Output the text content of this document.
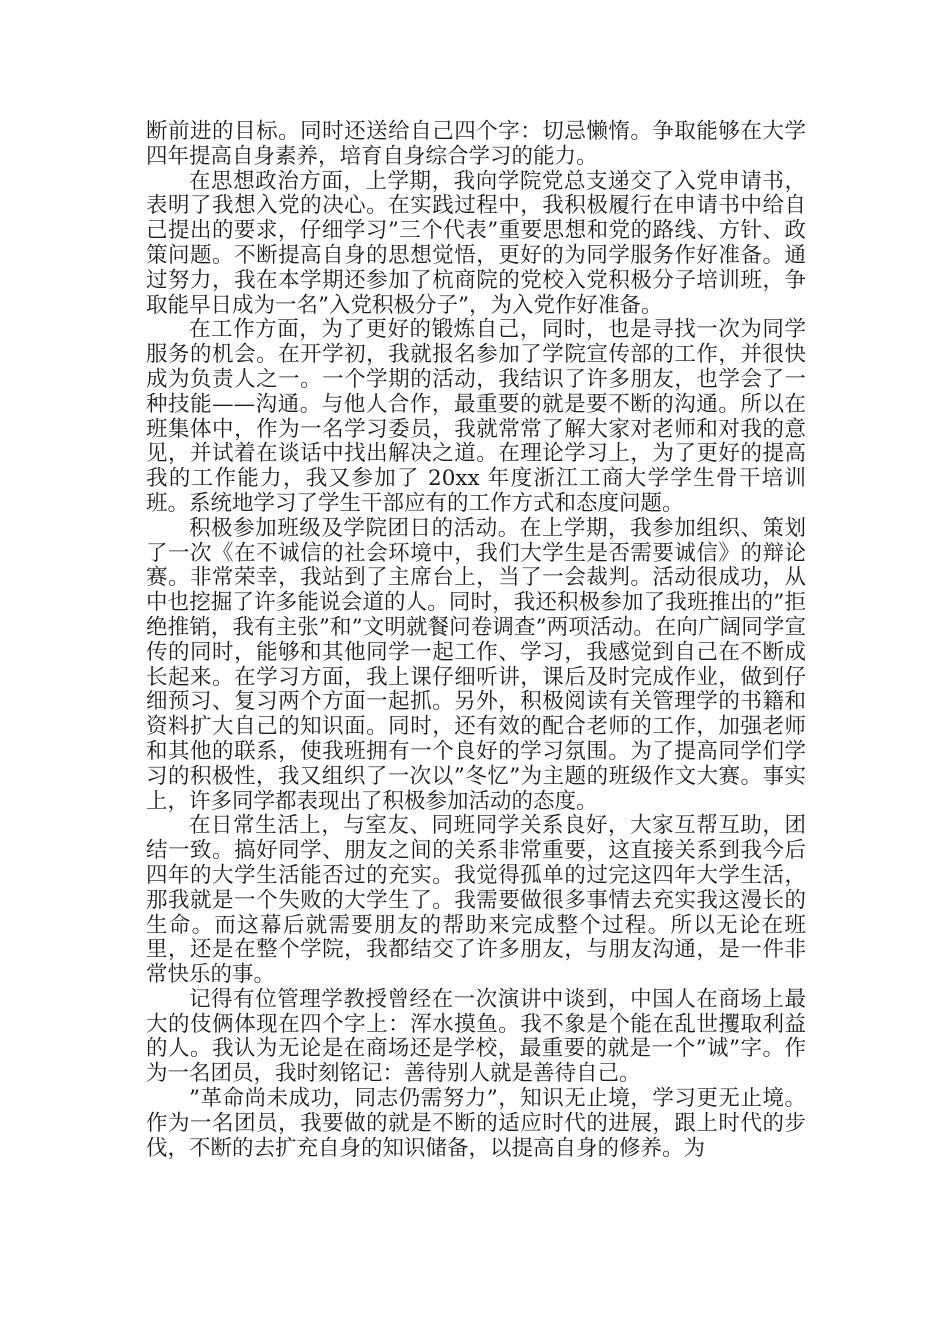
断前进的目标。同时还送给自己四个字：切忌懒惰。争取能够在大学四年提高自身素养，培育自身综合学习的能力。

在思想政治方面，上学期，我向学院党总支递交了入党申请书，表明了我想入党的决心。在实践过程中，我积极履行在申请书中给自己提出的要求，仔细学习”三个代表”重要思想和党的路线、方针、政策问题。不断提高自身的思想觉悟，更好的为同学服务作好准备。通过努力，我在本学期还参加了杭商院的党校入党积极分子培训班，争取能早日成为一名”入党积极分子”，为入党作好准备。

在工作方面，为了更好的锻炼自己，同时，也是寻找一次为同学服务的机会。在开学初，我就报名参加了学院宣传部的工作，并很快成为负责人之一。一个学期的活动，我结识了许多朋友，也学会了一种技能——沟通。与他人合作，最重要的就是要不断的沟通。所以在班集体中，作为一名学习委员，我就常常了解大家对老师和对我的意见，并试着在谈话中找出解决之道。在理论学习上，为了更好的提高我的工作能力，我又参加了 20xx 年度浙江工商大学学生骨干培训班。系统地学习了学生干部应有的工作方式和态度问题。

积极参加班级及学院团日的活动。在上学期，我参加组织、策划了一次《在不诚信的社会环境中，我们大学生是否需要诚信》的辩论赛。非常荣幸，我站到了主席台上，当了一会裁判。活动很成功，从中也挖掘了许多能说会道的人。同时，我还积极参加了我班推出的”拒绝推销，我有主张”和”文明就餐问卷调查”两项活动。在向广阔同学宣传的同时，能够和其他同学一起工作、学习，我感觉到自己在不断成长起来。在学习方面，我上课仔细听讲，课后及时完成作业，做到仔细预习、复习两个方面一起抓。另外，积极阅读有关管理学的书籍和资料扩大自己的知识面。同时，还有效的配合老师的工作，加强老师和其他的联系，使我班拥有一个良好的学习氛围。为了提高同学们学习的积极性，我又组织了一次以”冬忆”为主题的班级作文大赛。事实上，许多同学都表现出了积极参加活动的态度。

在日常生活上，与室友、同班同学关系良好，大家互帮互助，团结一致。搞好同学、朋友之间的关系非常重要，这直接关系到我今后四年的大学生活能否过的充实。我觉得孤单的过完这四年大学生活，那我就是一个失败的大学生了。我需要做很多事情去充实我这漫长的生命。而这幕后就需要朋友的帮助来完成整个过程。所以无论在班里，还是在整个学院，我都结交了许多朋友，与朋友沟通，是一件非常快乐的事。

记得有位管理学教授曾经在一次演讲中谈到，中国人在商场上最大的伎俩体现在四个字上：浑水摸鱼。我不象是个能在乱世攫取利益的人。我认为无论是在商场还是学校，最重要的就是一个”诚”字。作为一名团员，我时刻铭记：善待别人就是善待自己。

”革命尚未成功，同志仍需努力”，知识无止境，学习更无止境。作为一名团员，我要做的就是不断的适应时代的进展，跟上时代的步伐，不断的去扩充自身的知识储备，以提高自身的修养。为
